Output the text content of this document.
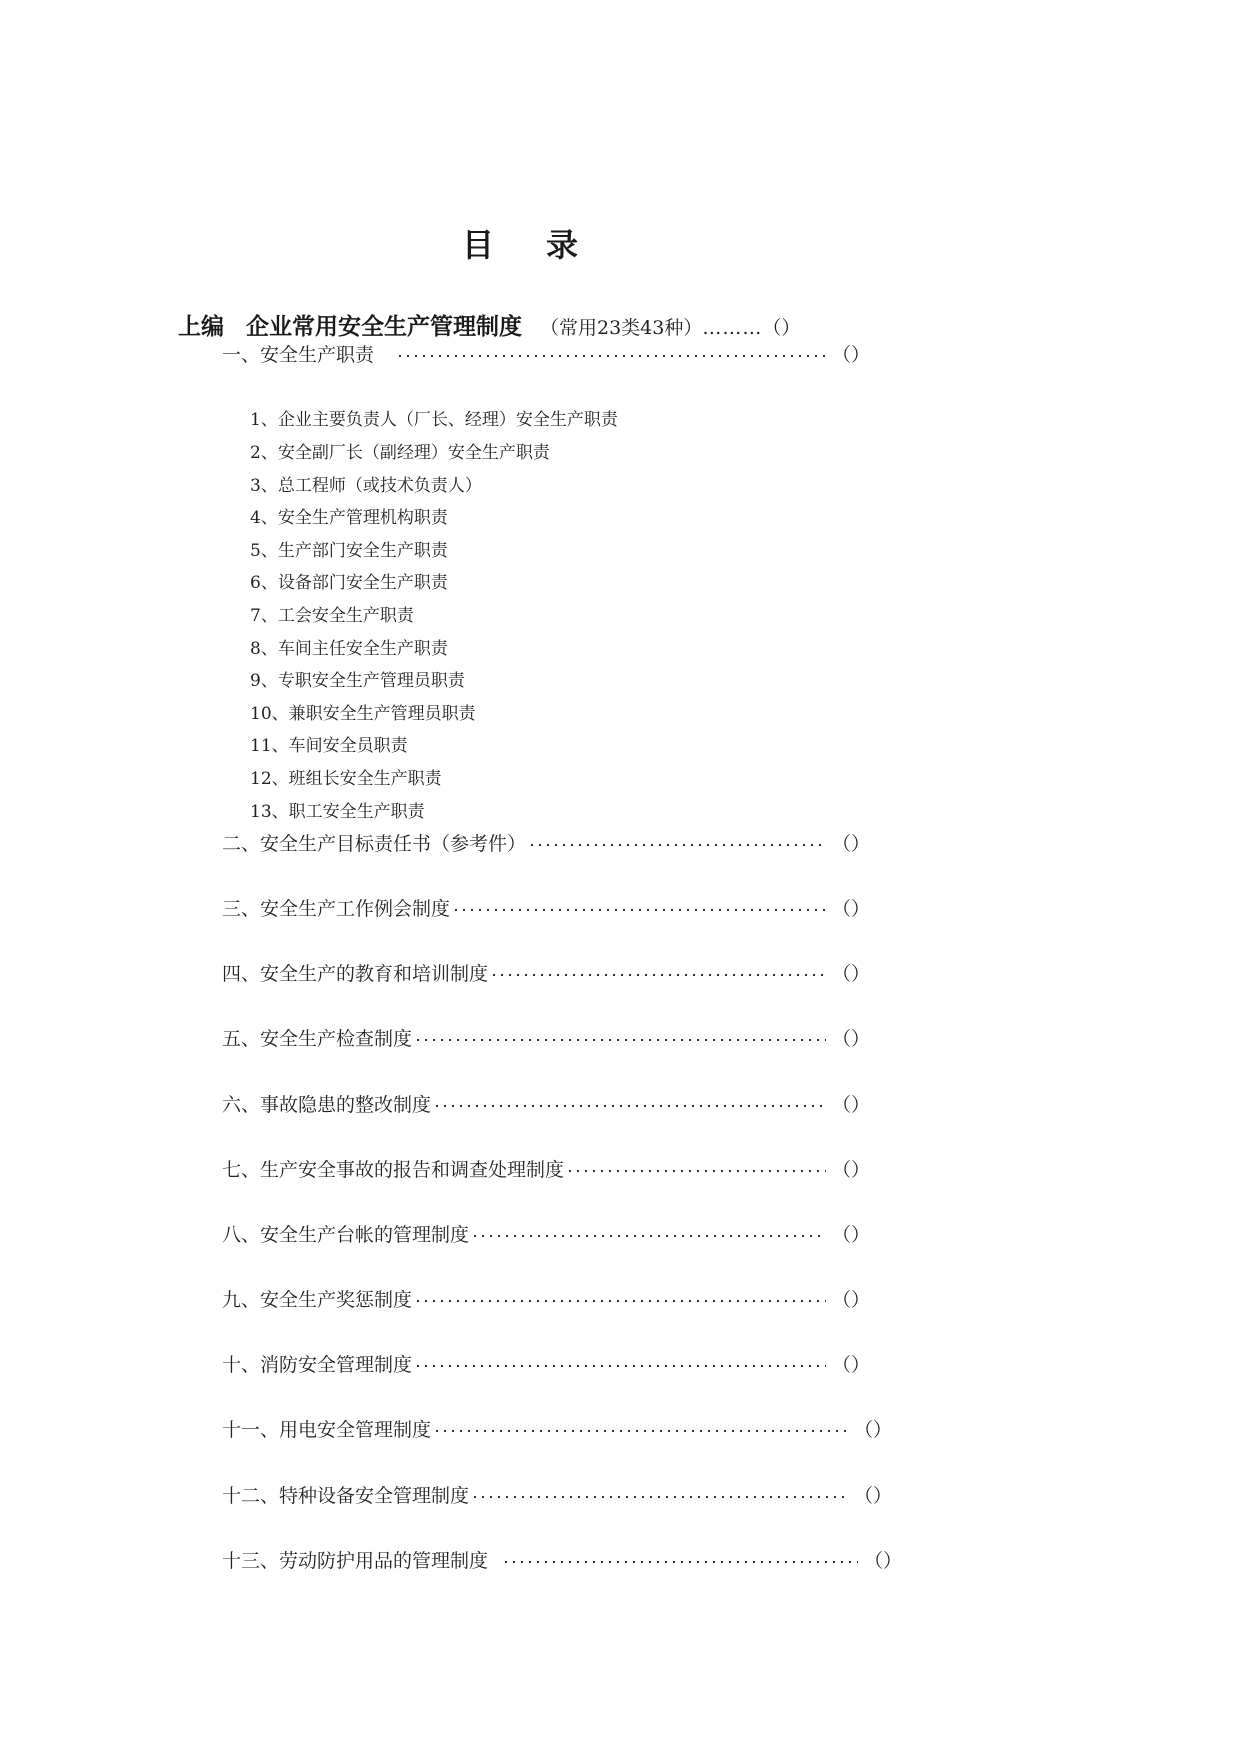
目 录
上编 企业常用安全生产管理制度 （常用23类43种）………（）
一、安全生产职责	（）
1、企业主要负责人（厂长、经理）安全生产职责
2、安全副厂长（副经理）安全生产职责
3、总工程师（或技术负责人）
4、安全生产管理机构职责
5、生产部门安全生产职责
6、设备部门安全生产职责
7、工会安全生产职责
8、车间主任安全生产职责
9、专职安全生产管理员职责
10、兼职安全生产管理员职责
11、车间安全员职责
12、班组长安全生产职责
13、职工安全生产职责
二、安全生产目标责任书（参考件）	（）
三、安全生产工作例会制度	（）
四、安全生产的教育和培训制度	（）
五、安全生产检查制度	（）
六、事故隐患的整改制度	（）
七、生产安全事故的报告和调查处理制度	（）
八、安全生产台帐的管理制度	（）
九、安全生产奖惩制度	（）
十、消防安全管理制度	（）
十一、用电安全管理制度	（）
十二、特种设备安全管理制度	（）
十三、劳动防护用品的管理制度	（）
